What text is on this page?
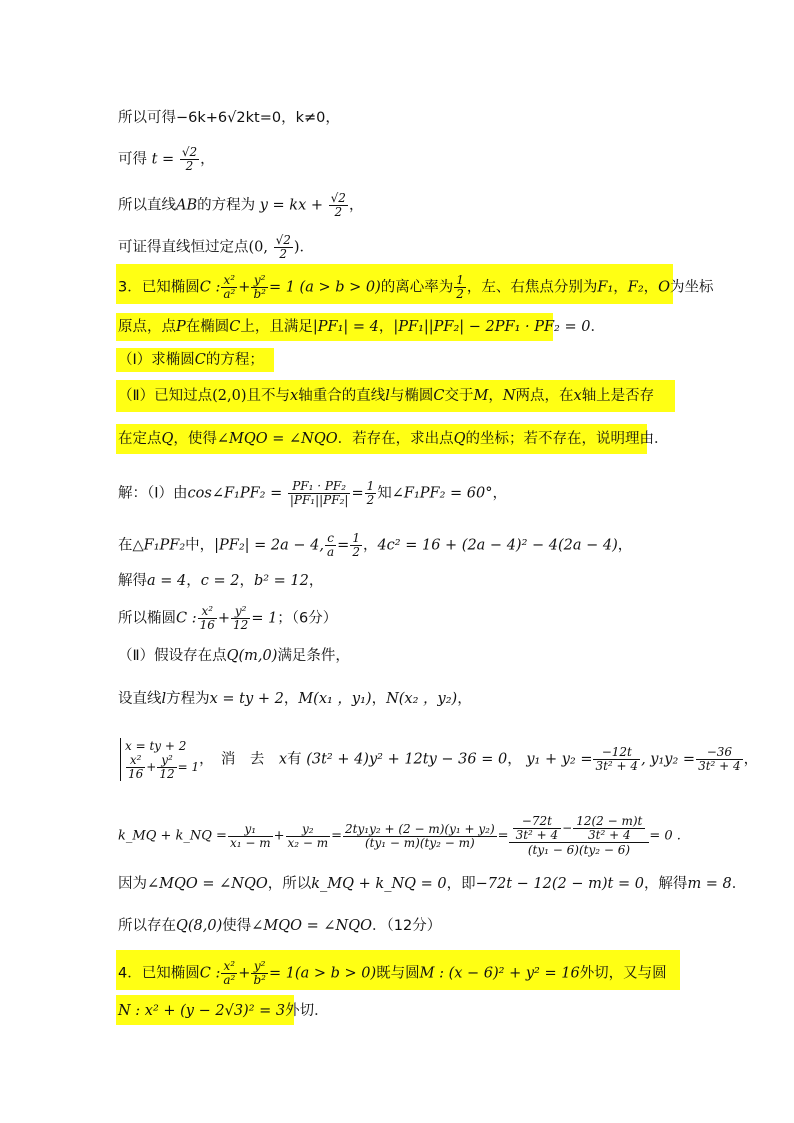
所以可得−6k+6√2kt=0，k≠0，
可得 $t = \frac{√2}{2}$ ，
所以直线AB的方程为 y = kx + $\frac{√2}{2}$ ，
可证得直线恒过定点(0, $\frac{√2}{2}$ )．
3．已知椭圆C : $\frac{\text{x²}}{\text{a²}} + \frac{\text{y²}}{\text{b²}} = 1$ (a > b > 0)的离心率为 $\frac{1}{2}$ ，左、右焦点分别为F₁，F₂，O为坐标
原点，点P在椭圆C上，且满足|PF₁| = 4，|PF₁||PF₂| − 2PF₁ · PF₂ = 0．
（Ⅰ）求椭圆C的方程；
（Ⅱ）已知过点(2,0)且不与x轴重合的直线l与椭圆C交于M，N两点，在x轴上是否存
在定点Q，使得∠MQO = ∠NQO．若存在，求出点Q的坐标；若不存在，说明理由．
解：（Ⅰ）由cos∠F₁PF₂ = $\frac{\text{PF₁ · PF₂}}{\text{|PF₁||PF₂|}} = \frac{1}{2}$ 知∠F₁PF₂ = 60°，
在△F₁PF₂中，|PF₂| = 2a − 4, $\frac{c}{a} = \frac{1}{2}$ ，4c² = 16 + (2a − 4)² − 4(2a − 4)，
解得a = 4，c = 2，b² = 12，
所以椭圆C : $\frac{\text{x²}}{16} + \frac{\text{y²}}{12} = 1$；（6分）
（Ⅱ）假设存在点Q(m,0)满足条件，
设直线l方程为x = ty + 2，M(x₁ ，y₁)，N(x₂ ，y₂)，
x = ty + 2
$\frac{\text{x²}}{16} + \frac{\text{y²}}{12} = 1$ ，　消　去　x有 (3t² + 4)y² + 12ty − 36 = 0， $y_1 + y_2 = \frac{-12t}{\text{3t² + 4}}$ , $y_1y_2 = \frac{-36}{\text{3t² + 4}}$ ，
k_MQ + k_NQ = $\frac{\text{y₁}}{\text{x₁ − m}} + \frac{\text{y₂}}{\text{x₂ − m}} = \frac{\text{2ty₁y₂ + (2 − m)(y₁ + y₂)}}{\text{(ty₁ − m)(ty₂ − m)}} = \frac{\frac{-72t}{\text{3t² + 4}} - \frac{12(2 - m)t}{\text{3t² + 4}}}{\text{(ty₁ − 6)(ty₂ − 6)}} = 0$ .
因为∠MQO = ∠NQO，所以k_MQ + k_NQ = 0，即−72t − 12(2 − m)t = 0，解得m = 8．
所以存在Q(8,0)使得∠MQO = ∠NQO．（12分）
4．已知椭圆C : $\frac{\text{x²}}{\text{a²}} + \frac{\text{y²}}{\text{b²}} = 1(a > b > 0)$既与圆M : (x − 6)² + y² = 16外切，又与圆
N : x² + (y − 2√3)² = 3外切．
